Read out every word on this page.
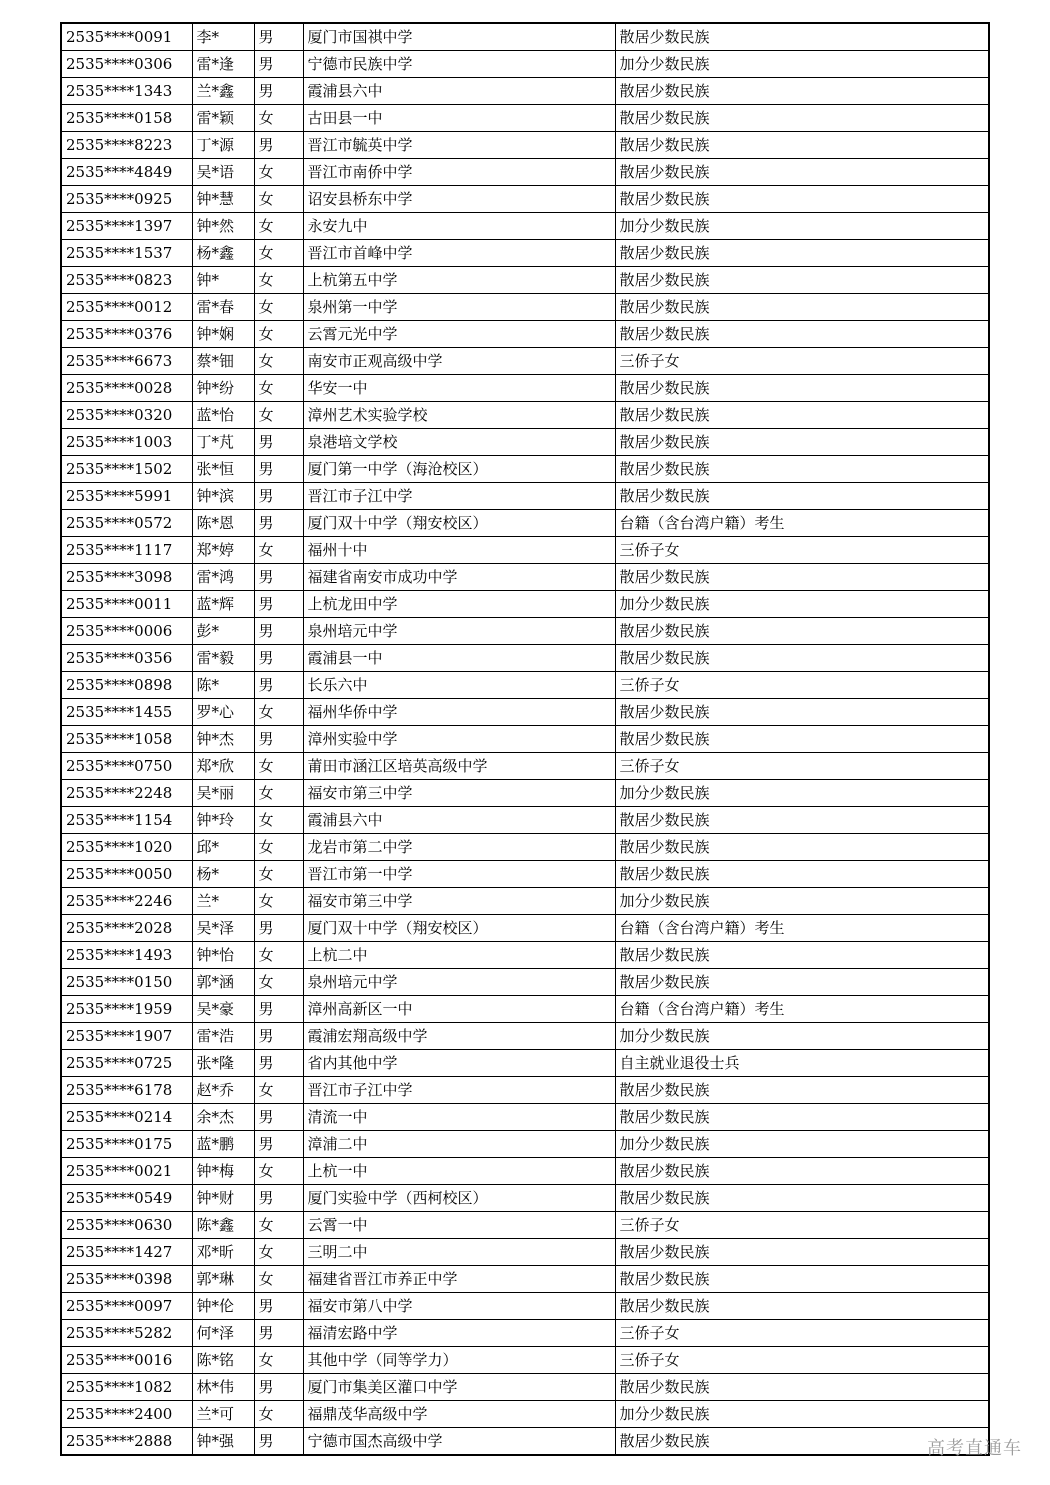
2535****0091	李*	男	厦门市国祺中学	散居少数民族
2535****0306	雷*逢	男	宁德市民族中学	加分少数民族
2535****1343	兰*鑫	男	霞浦县六中	散居少数民族
2535****0158	雷*颖	女	古田县一中	散居少数民族
2535****8223	丁*源	男	晋江市毓英中学	散居少数民族
2535****4849	吴*语	女	晋江市南侨中学	散居少数民族
2535****0925	钟*慧	女	诏安县桥东中学	散居少数民族
2535****1397	钟*然	女	永安九中	加分少数民族
2535****1537	杨*鑫	女	晋江市首峰中学	散居少数民族
2535****0823	钟*	女	上杭第五中学	散居少数民族
2535****0012	雷*春	女	泉州第一中学	散居少数民族
2535****0376	钟*娴	女	云霄元光中学	散居少数民族
2535****6673	蔡*钿	女	南安市正观高级中学	三侨子女
2535****0028	钟*纷	女	华安一中	散居少数民族
2535****0320	蓝*怡	女	漳州艺术实验学校	散居少数民族
2535****1003	丁*芃	男	泉港培文学校	散居少数民族
2535****1502	张*恒	男	厦门第一中学（海沧校区）	散居少数民族
2535****5991	钟*滨	男	晋江市子江中学	散居少数民族
2535****0572	陈*恩	男	厦门双十中学（翔安校区）	台籍（含台湾户籍）考生
2535****1117	郑*婷	女	福州十中	三侨子女
2535****3098	雷*鸿	男	福建省南安市成功中学	散居少数民族
2535****0011	蓝*辉	男	上杭龙田中学	加分少数民族
2535****0006	彭*	男	泉州培元中学	散居少数民族
2535****0356	雷*毅	男	霞浦县一中	散居少数民族
2535****0898	陈*	男	长乐六中	三侨子女
2535****1455	罗*心	女	福州华侨中学	散居少数民族
2535****1058	钟*杰	男	漳州实验中学	散居少数民族
2535****0750	郑*欣	女	莆田市涵江区培英高级中学	三侨子女
2535****2248	吴*丽	女	福安市第三中学	加分少数民族
2535****1154	钟*玲	女	霞浦县六中	散居少数民族
2535****1020	邱*	女	龙岩市第二中学	散居少数民族
2535****0050	杨*	女	晋江市第一中学	散居少数民族
2535****2246	兰*	女	福安市第三中学	加分少数民族
2535****2028	吴*泽	男	厦门双十中学（翔安校区）	台籍（含台湾户籍）考生
2535****1493	钟*怡	女	上杭二中	散居少数民族
2535****0150	郭*涵	女	泉州培元中学	散居少数民族
2535****1959	吴*豪	男	漳州高新区一中	台籍（含台湾户籍）考生
2535****1907	雷*浩	男	霞浦宏翔高级中学	加分少数民族
2535****0725	张*隆	男	省内其他中学	自主就业退役士兵
2535****6178	赵*乔	女	晋江市子江中学	散居少数民族
2535****0214	余*杰	男	清流一中	散居少数民族
2535****0175	蓝*鹏	男	漳浦二中	加分少数民族
2535****0021	钟*梅	女	上杭一中	散居少数民族
2535****0549	钟*财	男	厦门实验中学（西柯校区）	散居少数民族
2535****0630	陈*鑫	女	云霄一中	三侨子女
2535****1427	邓*昕	女	三明二中	散居少数民族
2535****0398	郭*琳	女	福建省晋江市养正中学	散居少数民族
2535****0097	钟*伦	男	福安市第八中学	散居少数民族
2535****5282	何*泽	男	福清宏路中学	三侨子女
2535****0016	陈*铭	女	其他中学（同等学力）	三侨子女
2535****1082	林*伟	男	厦门市集美区灌口中学	散居少数民族
2535****2400	兰*可	女	福鼎茂华高级中学	加分少数民族
2535****2888	钟*强	男	宁德市国杰高级中学	散居少数民族	高考直通车
